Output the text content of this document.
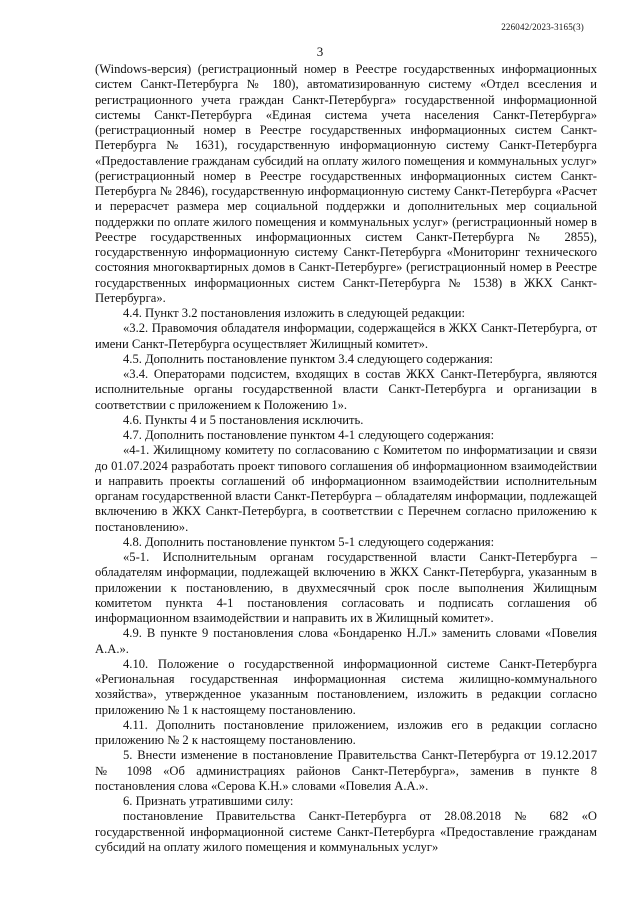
226042/2023-3165(3)
3

(Windows-версия) (регистрационный номер в Реестре государственных информационных систем Санкт-Петербурга № 180), автоматизированную систему «Отдел всесления и регистрационного учета граждан Санкт-Петербурга» государственной информационной системы Санкт-Петербурга «Единая система учета населения Санкт-Петербурга» (регистрационный номер в Реестре государственных информационных систем Санкт-Петербурга № 1631), государственную информационную систему Санкт-Петербурга «Предоставление гражданам субсидий на оплату жилого помещения и коммунальных услуг» (регистрационный номер в Реестре государственных информационных систем Санкт-Петербурга № 2846), государственную информационную систему Санкт-Петербурга «Расчет и перерасчет размера мер социальной поддержки и дополнительных мер социальной поддержки по оплате жилого помещения и коммунальных услуг» (регистрационный номер в Реестре государственных информационных систем Санкт-Петербурга № 2855), государственную информационную систему Санкт-Петербурга «Мониторинг технического состояния многоквартирных домов в Санкт-Петербурге» (регистрационный номер в Реестре государственных информационных систем Санкт-Петербурга № 1538) в ЖКХ Санкт-Петербурга».

4.4. Пункт 3.2 постановления изложить в следующей редакции:

«3.2. Правомочия обладателя информации, содержащейся в ЖКХ Санкт-Петербурга, от имени Санкт-Петербурга осуществляет Жилищный комитет».

4.5. Дополнить постановление пунктом 3.4 следующего содержания:

«3.4. Операторами подсистем, входящих в состав ЖКХ Санкт-Петербурга, являются исполнительные органы государственной власти Санкт-Петербурга и организации в соответствии с приложением к Положению 1».

4.6. Пункты 4 и 5 постановления исключить.

4.7. Дополнить постановление пунктом 4-1 следующего содержания:

«4-1. Жилищному комитету по согласованию с Комитетом по информатизации и связи до 01.07.2024 разработать проект типового соглашения об информационном взаимодействии и направить проекты соглашений об информационном взаимодействии исполнительным органам государственной власти Санкт-Петербурга – обладателям информации, подлежащей включению в ЖКХ Санкт-Петербурга, в соответствии с Перечнем согласно приложению к постановлению».

4.8. Дополнить постановление пунктом 5-1 следующего содержания:

«5-1. Исполнительным органам государственной власти Санкт-Петербурга – обладателям информации, подлежащей включению в ЖКХ Санкт-Петербурга, указанным в приложении к постановлению, в двухмесячный срок после выполнения Жилищным комитетом пункта 4-1 постановления согласовать и подписать соглашения об информационном взаимодействии и направить их в Жилищный комитет».

4.9. В пункте 9 постановления слова «Бондаренко Н.Л.» заменить словами «Повелия А.А.».

4.10. Положение о государственной информационной системе Санкт-Петербурга «Региональная государственная информационная система жилищно-коммунального хозяйства», утвержденное указанным постановлением, изложить в редакции согласно приложению № 1 к настоящему постановлению.

4.11. Дополнить постановление приложением, изложив его в редакции согласно приложению № 2 к настоящему постановлению.

5. Внести изменение в постановление Правительства Санкт-Петербурга от 19.12.2017 № 1098 «Об администрациях районов Санкт-Петербурга», заменив в пункте 8 постановления слова «Серова К.Н.» словами «Повелия А.А.».

6. Признать утратившими силу:

постановление Правительства Санкт-Петербурга от 28.08.2018 № 682 «О государственной информационной системе Санкт-Петербурга «Предоставление гражданам субсидий на оплату жилого помещения и коммунальных услуг»
